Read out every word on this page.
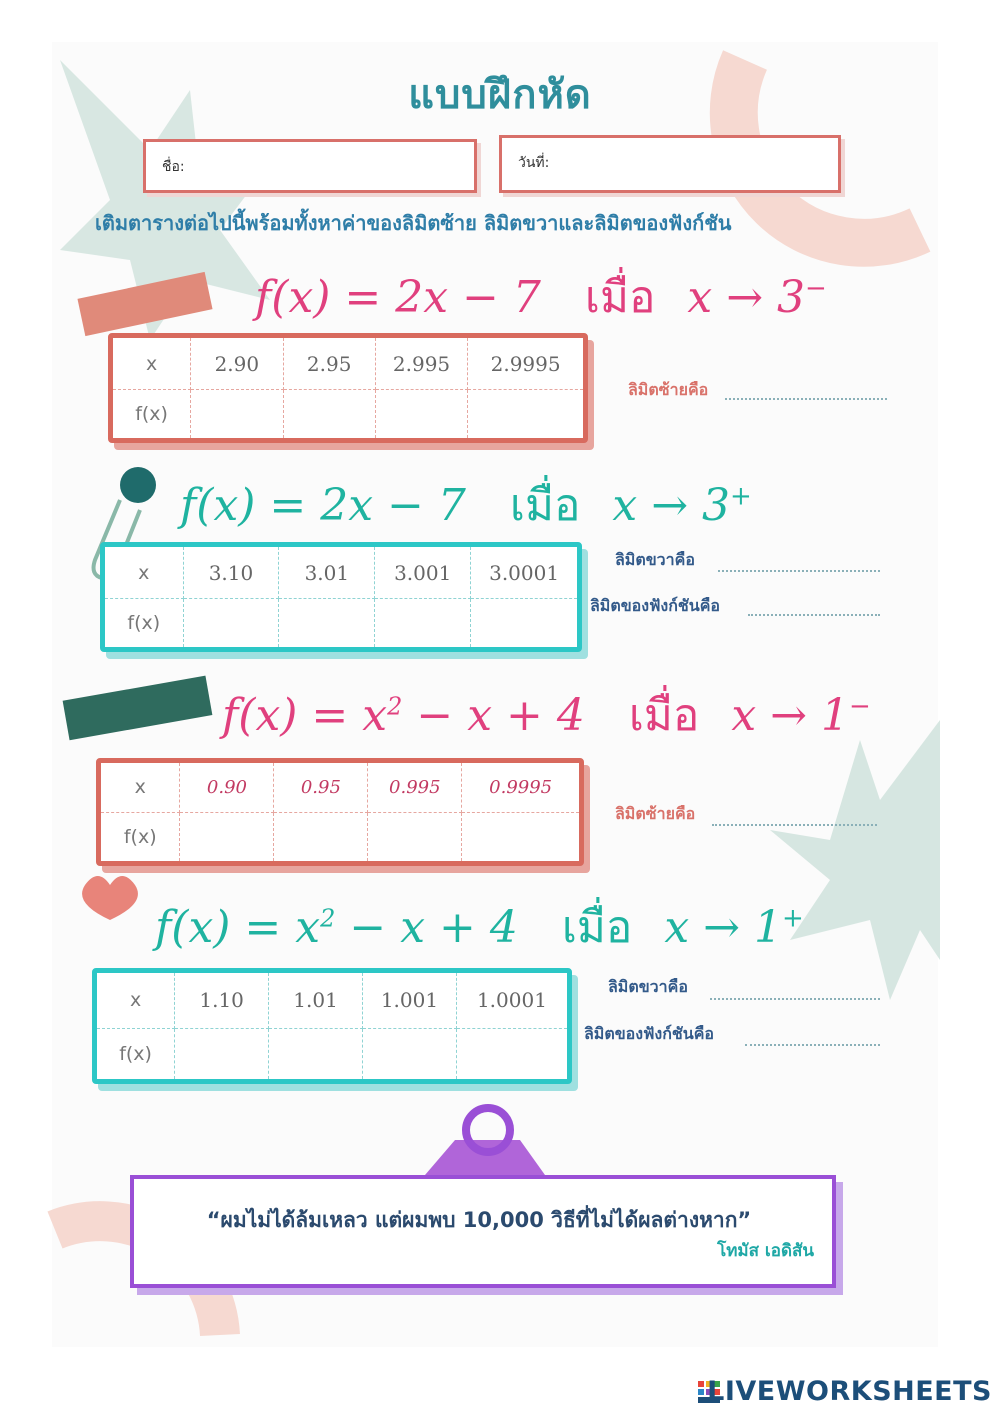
แบบฝึกหัด
ชื่อ:	วันที่:
เติมตารางต่อไปนี้พร้อมทั้งหาค่าของลิมิตซ้าย ลิมิตขวาและลิมิตของฟังก์ชัน
f(x) = 2x − 7 เมื่อ x → 3−
x	2.90	2.95	2.995	2.9995
f(x)				
ลิมิตซ้ายคือ
f(x) = 2x − 7 เมื่อ x → 3+
x	3.10	3.01	3.001	3.0001
f(x)				
ลิมิตขวาคือ
ลิมิตของฟังก์ชันคือ
$f(x) = x^2 - x + 4$ เมื่อ x → 1−
x	0.90	0.95	0.995	0.9995
f(x)				
ลิมิตซ้ายคือ
$f(x) = x^2 - x + 4$ เมื่อ x → 1+
x	1.10	1.01	1.001	1.0001
f(x)				
ลิมิตขวาคือ
ลิมิตของฟังก์ชันคือ
“ผมไม่ได้ล้มเหลว แต่ผมพบ 10,000 วิธีที่ไม่ได้ผลต่างหาก”
โทมัส เอดิสัน
LIVEWORKSHEETS
